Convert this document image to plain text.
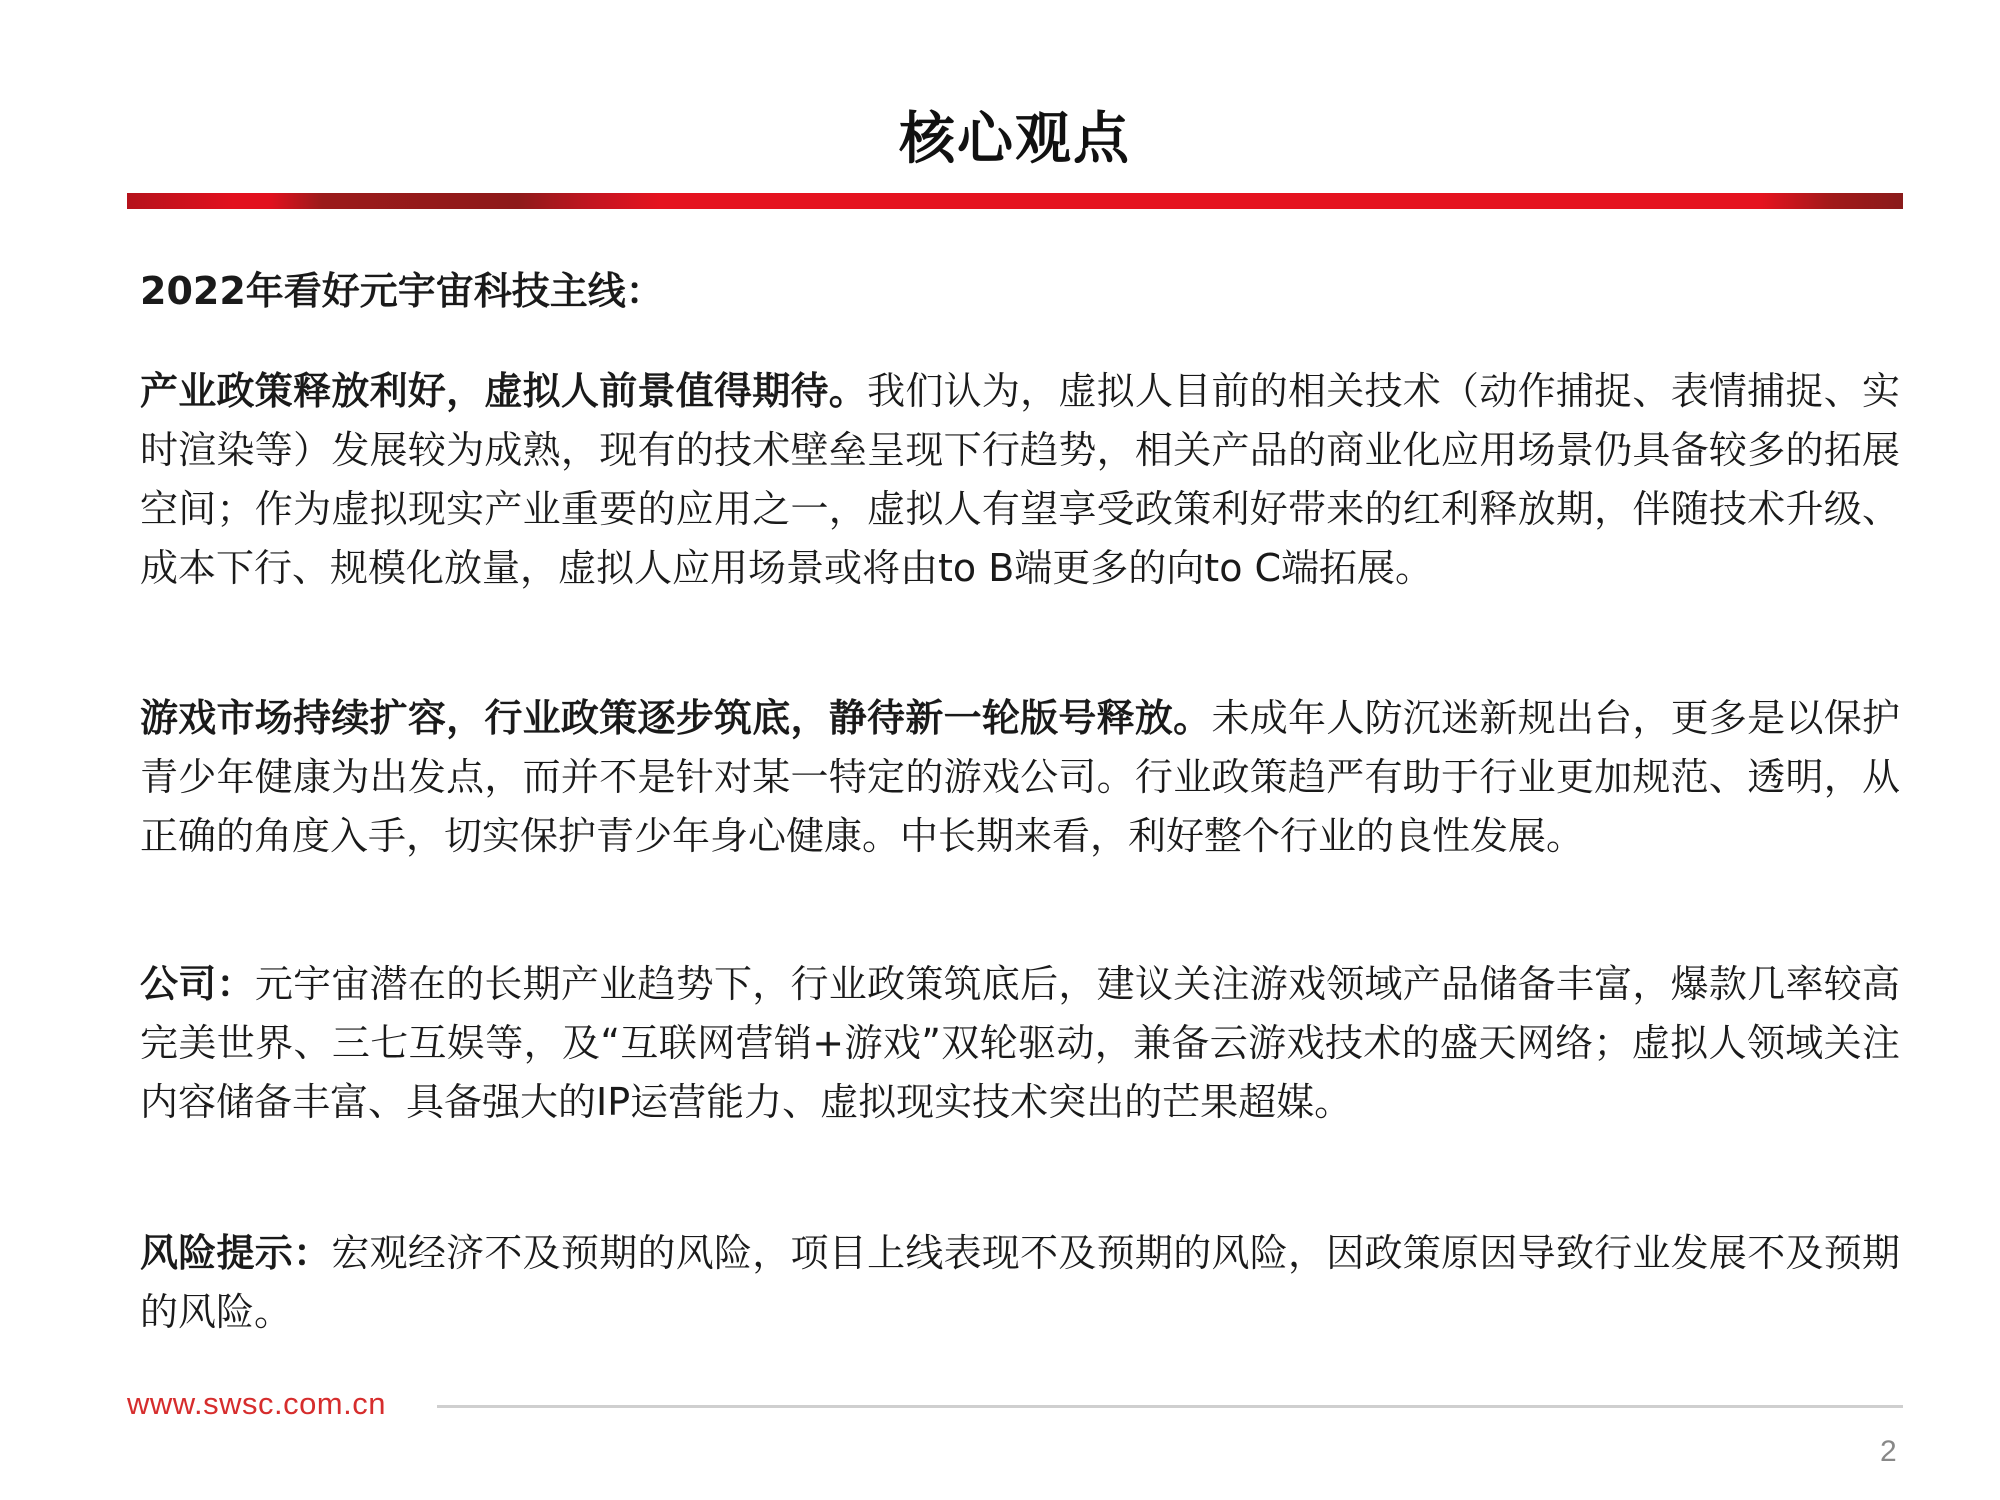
核心观点
2022年看好元宇宙科技主线：

产业政策释放利好，虚拟人前景值得期待。我们认为，虚拟人目前的相关技术（动作捕捉、表情捕捉、实时渲染等）发展较为成熟，现有的技术壁垒呈现下行趋势，相关产品的商业化应用场景仍具备较多的拓展空间；作为虚拟现实产业重要的应用之一，虚拟人有望享受政策利好带来的红利释放期，伴随技术升级、成本下行、规模化放量，虚拟人应用场景或将由to B端更多的向to C端拓展。

游戏市场持续扩容，行业政策逐步筑底，静待新一轮版号释放。未成年人防沉迷新规出台，更多是以保护青少年健康为出发点，而并不是针对某一特定的游戏公司。行业政策趋严有助于行业更加规范、透明，从正确的角度入手，切实保护青少年身心健康。中长期来看，利好整个行业的良性发展。

公司：元宇宙潜在的长期产业趋势下，行业政策筑底后，建议关注游戏领域产品储备丰富，爆款几率较高完美世界、三七互娱等，及“互联网营销+游戏”双轮驱动，兼备云游戏技术的盛天网络；虚拟人领域关注内容储备丰富、具备强大的IP运营能力、虚拟现实技术突出的芒果超媒。

风险提示：宏观经济不及预期的风险，项目上线表现不及预期的风险，因政策原因导致行业发展不及预期的风险。

www.swsc.com.cn
2
